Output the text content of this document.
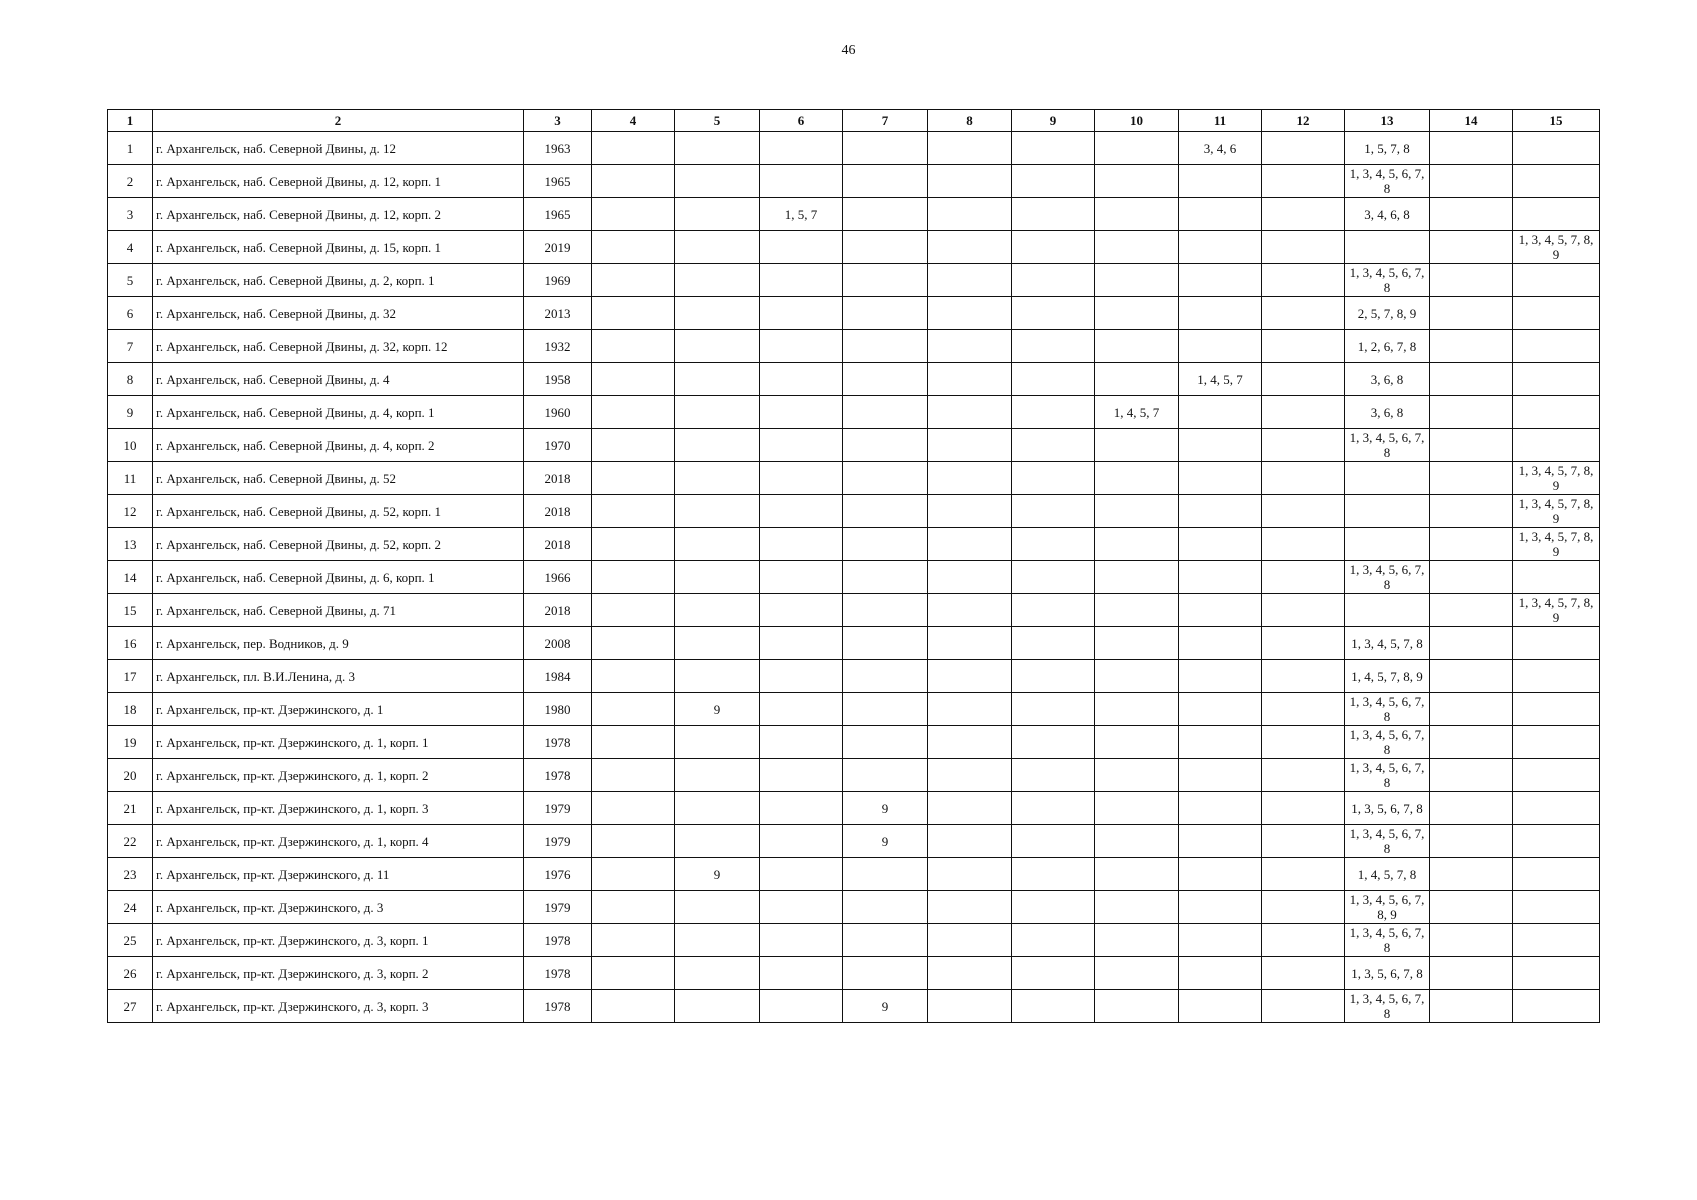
46
1	2	3	4	5	6	7	8	9	10	11	12	13	14	15
1	г. Архангельск, наб. Северной Двины, д. 12	1963								3, 4, 6		1, 5, 7, 8		
2	г. Архангельск, наб. Северной Двины, д. 12, корп. 1	1965										1, 3, 4, 5, 6, 7, 8		
3	г. Архангельск, наб. Северной Двины, д. 12, корп. 2	1965			1, 5, 7							3, 4, 6, 8		
4	г. Архангельск, наб. Северной Двины, д. 15, корп. 1	2019												1, 3, 4, 5, 7, 8, 9
5	г. Архангельск, наб. Северной Двины, д. 2, корп. 1	1969										1, 3, 4, 5, 6, 7, 8		
6	г. Архангельск, наб. Северной Двины, д. 32	2013										2, 5, 7, 8, 9		
7	г. Архангельск, наб. Северной Двины, д. 32, корп. 12	1932										1, 2, 6, 7, 8		
8	г. Архангельск, наб. Северной Двины, д. 4	1958								1, 4, 5, 7		3, 6, 8		
9	г. Архангельск, наб. Северной Двины, д. 4, корп. 1	1960							1, 4, 5, 7			3, 6, 8		
10	г. Архангельск, наб. Северной Двины, д. 4, корп. 2	1970										1, 3, 4, 5, 6, 7, 8		
11	г. Архангельск, наб. Северной Двины, д. 52	2018												1, 3, 4, 5, 7, 8, 9
12	г. Архангельск, наб. Северной Двины, д. 52, корп. 1	2018												1, 3, 4, 5, 7, 8, 9
13	г. Архангельск, наб. Северной Двины, д. 52, корп. 2	2018												1, 3, 4, 5, 7, 8, 9
14	г. Архангельск, наб. Северной Двины, д. 6, корп. 1	1966										1, 3, 4, 5, 6, 7, 8		
15	г. Архангельск, наб. Северной Двины, д. 71	2018												1, 3, 4, 5, 7, 8, 9
16	г. Архангельск, пер. Водников, д. 9	2008										1, 3, 4, 5, 7, 8		
17	г. Архангельск, пл. В.И.Ленина, д. 3	1984										1, 4, 5, 7, 8, 9		
18	г. Архангельск, пр-кт. Дзержинского, д. 1	1980		9								1, 3, 4, 5, 6, 7, 8		
19	г. Архангельск, пр-кт. Дзержинского, д. 1, корп. 1	1978										1, 3, 4, 5, 6, 7, 8		
20	г. Архангельск, пр-кт. Дзержинского, д. 1, корп. 2	1978										1, 3, 4, 5, 6, 7, 8		
21	г. Архангельск, пр-кт. Дзержинского, д. 1, корп. 3	1979				9						1, 3, 5, 6, 7, 8		
22	г. Архангельск, пр-кт. Дзержинского, д. 1, корп. 4	1979				9						1, 3, 4, 5, 6, 7, 8		
23	г. Архангельск, пр-кт. Дзержинского, д. 11	1976		9								1, 4, 5, 7, 8		
24	г. Архангельск, пр-кт. Дзержинского, д. 3	1979										1, 3, 4, 5, 6, 7, 8, 9		
25	г. Архангельск, пр-кт. Дзержинского, д. 3, корп. 1	1978										1, 3, 4, 5, 6, 7, 8		
26	г. Архангельск, пр-кт. Дзержинского, д. 3, корп. 2	1978										1, 3, 5, 6, 7, 8		
27	г. Архангельск, пр-кт. Дзержинского, д. 3, корп. 3	1978				9						1, 3, 4, 5, 6, 7, 8		
